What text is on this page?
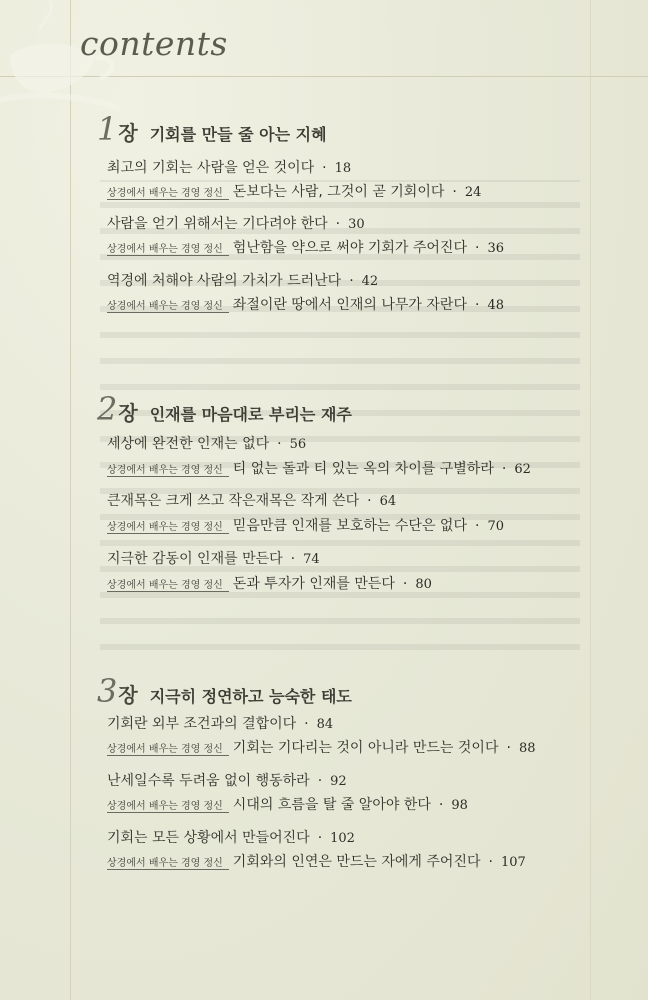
contents
1 장 기회를 만들 줄 아는 지혜
최고의 기회는 사람을 얻은 것이다 · 18
상경에서 배우는 경영 정신 돈보다는 사람, 그것이 곧 기회이다 · 24
사람을 얻기 위해서는 기다려야 한다 · 30
상경에서 배우는 경영 정신 험난함을 약으로 써야 기회가 주어진다 · 36
역경에 처해야 사람의 가치가 드러난다 · 42
상경에서 배우는 경영 정신 좌절이란 땅에서 인재의 나무가 자란다 · 48
2 장 인재를 마음대로 부리는 재주
세상에 완전한 인재는 없다 · 56
상경에서 배우는 경영 정신 티 없는 돌과 티 있는 옥의 차이를 구별하라 · 62
큰재목은 크게 쓰고 작은재목은 작게 쓴다 · 64
상경에서 배우는 경영 정신 믿음만큼 인재를 보호하는 수단은 없다 · 70
지극한 감동이 인재를 만든다 · 74
상경에서 배우는 경영 정신 돈과 투자가 인재를 만든다 · 80
3 장 지극히 정연하고 능숙한 태도
기회란 외부 조건과의 결합이다 · 84
상경에서 배우는 경영 정신 기회는 기다리는 것이 아니라 만드는 것이다 · 88
난세일수록 두려움 없이 행동하라 · 92
상경에서 배우는 경영 정신 시대의 흐름을 탈 줄 알아야 한다 · 98
기회는 모든 상황에서 만들어진다 · 102
상경에서 배우는 경영 정신 기회와의 인연은 만드는 자에게 주어진다 · 107
